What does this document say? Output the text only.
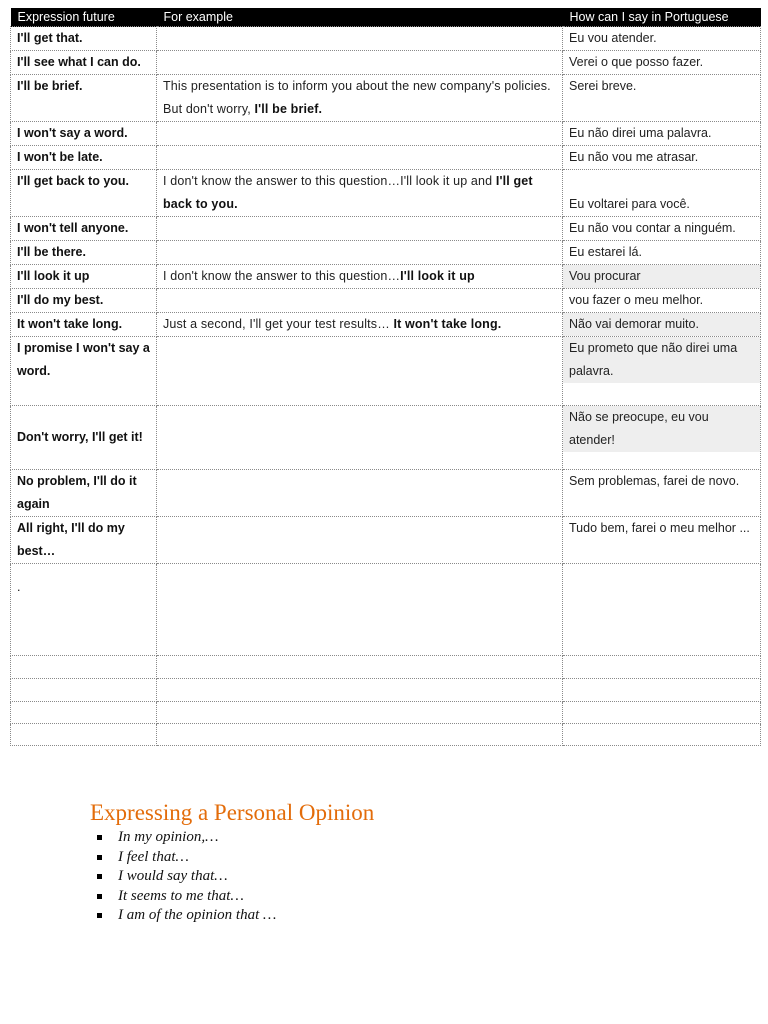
Expression future	For example	How can I say in Portuguese
I'll get that.		Eu vou atender.
I'll see what I can do.		Verei o que posso fazer.
I'll be brief.	This presentation is to inform you about the new company's policies. But don't worry, I'll be brief.	Serei breve.
I won't say a word.		Eu não direi uma palavra.
I won't be late.		Eu não vou me atrasar.
I'll get back to you.	I don't know the answer to this question…I'll look it up and I'll get back to you.	Eu voltarei para você.
I won't tell anyone.		Eu não vou contar a ninguém.
I'll be there.		Eu estarei lá.
I'll look it up	I don't know the answer to this question…I'll look it up	Vou procurar

I'll do my best.		vou fazer o meu melhor.
It won't take long.	Just a second, I'll get your test results… It won't take long.	Não vai demorar muito.

I promise I won't say a word.		Eu prometo que não direi uma palavra.

Don't worry, I'll get it!		Não se preocupe, eu vou atender!

No problem, I'll do it again		Sem problemas, farei de novo.
All right, I'll do my best…		Tudo bem, farei o meu melhor ...
.		

Expressing a Personal Opinion
In my opinion,…
I feel that…
I would say that…
It seems to me that…
I am of the opinion that …
